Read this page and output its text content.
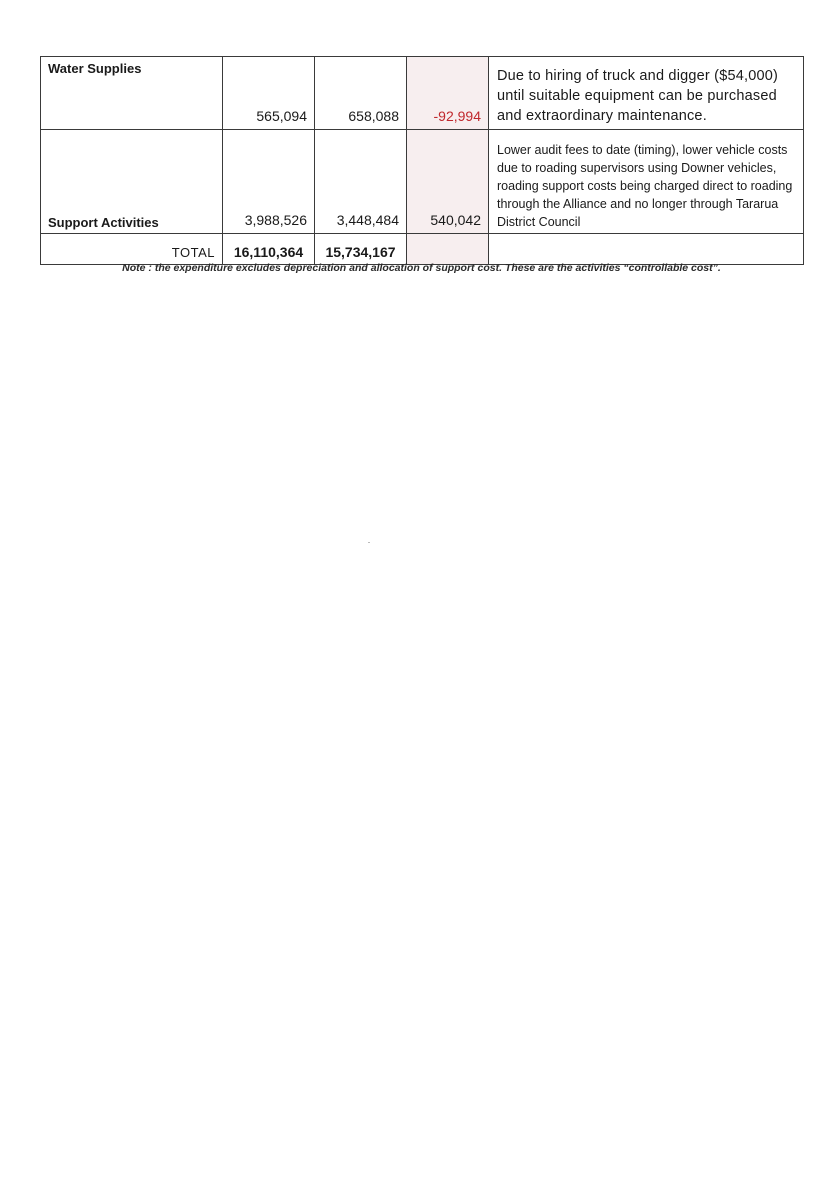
Water Supplies	565,094	658,088	-92,994	Due to hiring of truck and digger ($54,000) until suitable equipment can be purchased and extraordinary maintenance.

Support Activities	3,988,526	3,448,484	540,042	Lower audit fees to date (timing), lower vehicle costs due to roading supervisors using Downer vehicles, roading support costs being charged direct to roading through the Alliance and no longer through Tararua District Council
TOTAL	16,110,364	15,734,167		
Note : the expenditure excludes depreciation and allocation of support cost. These are the activities “controllable cost”.
